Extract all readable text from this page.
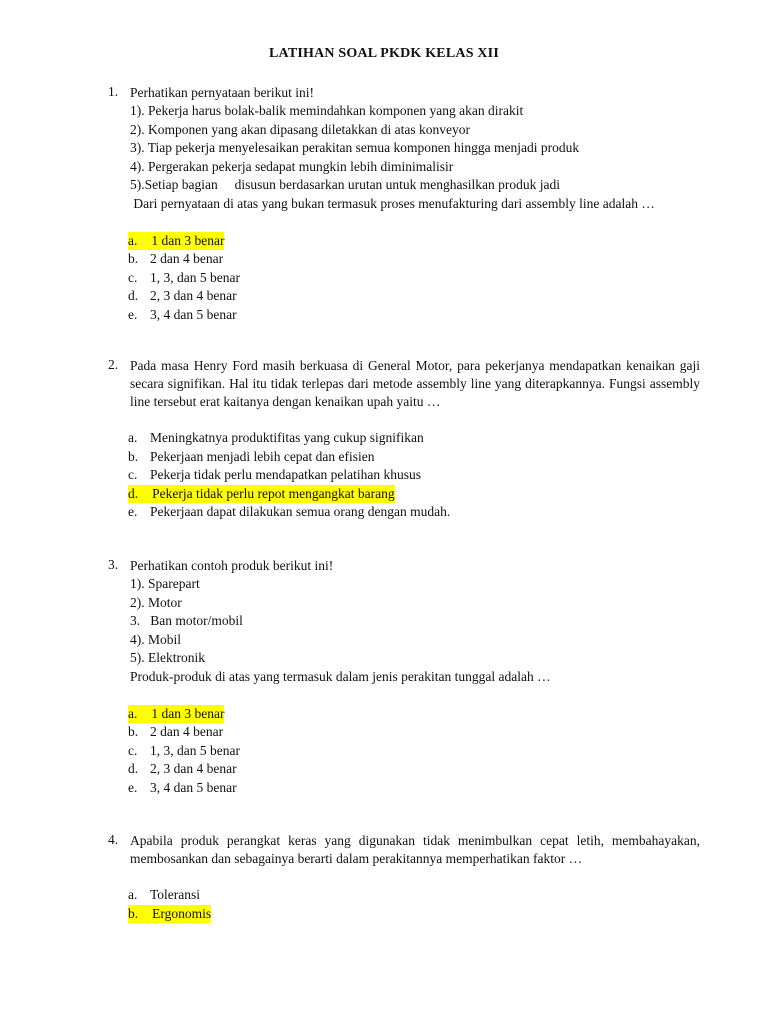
LATIHAN SOAL PKDK KELAS XII
1. Perhatikan pernyataan berikut ini!
1). Pekerja harus bolak-balik memindahkan komponen yang akan dirakit
2). Komponen yang akan dipasang diletakkan di atas konveyor
3). Tiap pekerja menyelesaikan perakitan semua komponen hingga menjadi produk
4). Pergerakan pekerja sedapat mungkin lebih diminimalisir
5).Setiap bagian     disusun berdasarkan urutan untuk menghasilkan produk jadi
Dari pernyataan di atas yang bukan termasuk proses menufakturing dari assembly line adalah …
a.	1 dan 3 benar
b. 2 dan 4 benar
c. 1, 3, dan 5 benar
d. 2, 3 dan 4 benar
e. 3, 4 dan 5 benar
2. Pada masa Henry Ford masih berkuasa di General Motor, para pekerjanya mendapatkan kenaikan gaji secara signifikan. Hal itu tidak terlepas dari metode assembly line yang diterapkannya. Fungsi assembly line tersebut erat kaitanya dengan kenaikan upah yaitu …
a. Meningkatnya produktifitas yang cukup signifikan
b. Pekerjaan menjadi lebih cepat dan efisien
c. Pekerja tidak perlu mendapatkan pelatihan khusus
d.	Pekerja tidak perlu repot mengangkat barang
e. Pekerjaan dapat dilakukan semua orang dengan mudah.
3. Perhatikan contoh produk berikut ini!
1). Sparepart
2). Motor
3.   Ban motor/mobil
4). Mobil
5). Elektronik
Produk-produk di atas yang termasuk dalam jenis perakitan tunggal adalah …
a.	1 dan 3 benar
b. 2 dan 4 benar
c. 1, 3, dan 5 benar
d. 2, 3 dan 4 benar
e. 3, 4 dan 5 benar
4. Apabila produk perangkat keras yang digunakan tidak menimbulkan cepat letih, membahayakan, membosankan dan sebagainya berarti dalam perakitannya memperhatikan faktor …
a. Toleransi
b.	Ergonomis
